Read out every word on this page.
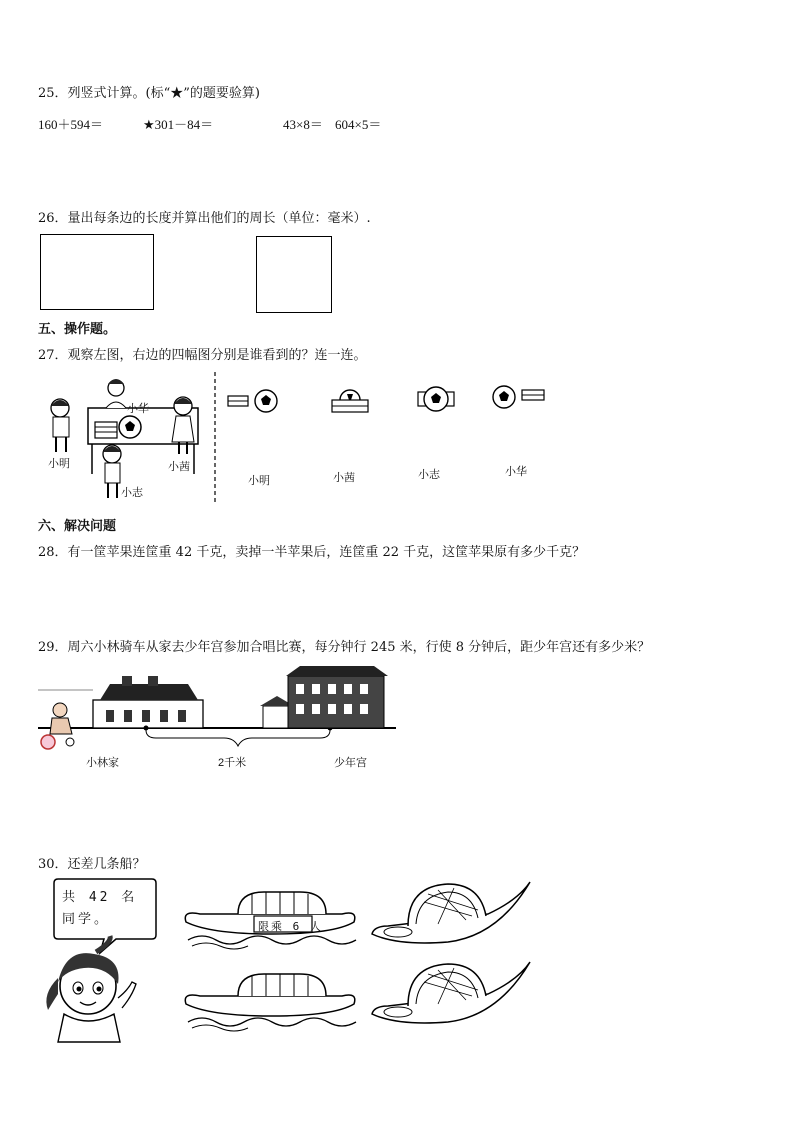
25．列竖式计算。(标“★”的题要验算)
160＋594＝	★301－84＝	43×8＝ 604×5＝
26．量出每条边的长度并算出他们的周长（单位：毫米）.
五、操作题。
27．观察左图，右边的四幅图分别是谁看到的？连一连。
小华
小明	小茜
小志
小明	小茜	小志	小华
六、解决问题
28．有一筐苹果连筐重 42 千克，卖掉一半苹果后，连筐重 22 千克，这筐苹果原有多少千克？
29．周六小林骑车从家去少年宫参加合唱比赛，每分钟行 245 米，行使 8 分钟后，距少年宫还有多少米？
小林家	2千米	少年宫
30．还差几条船？
共 42 名
同学。	限乘 6 人
